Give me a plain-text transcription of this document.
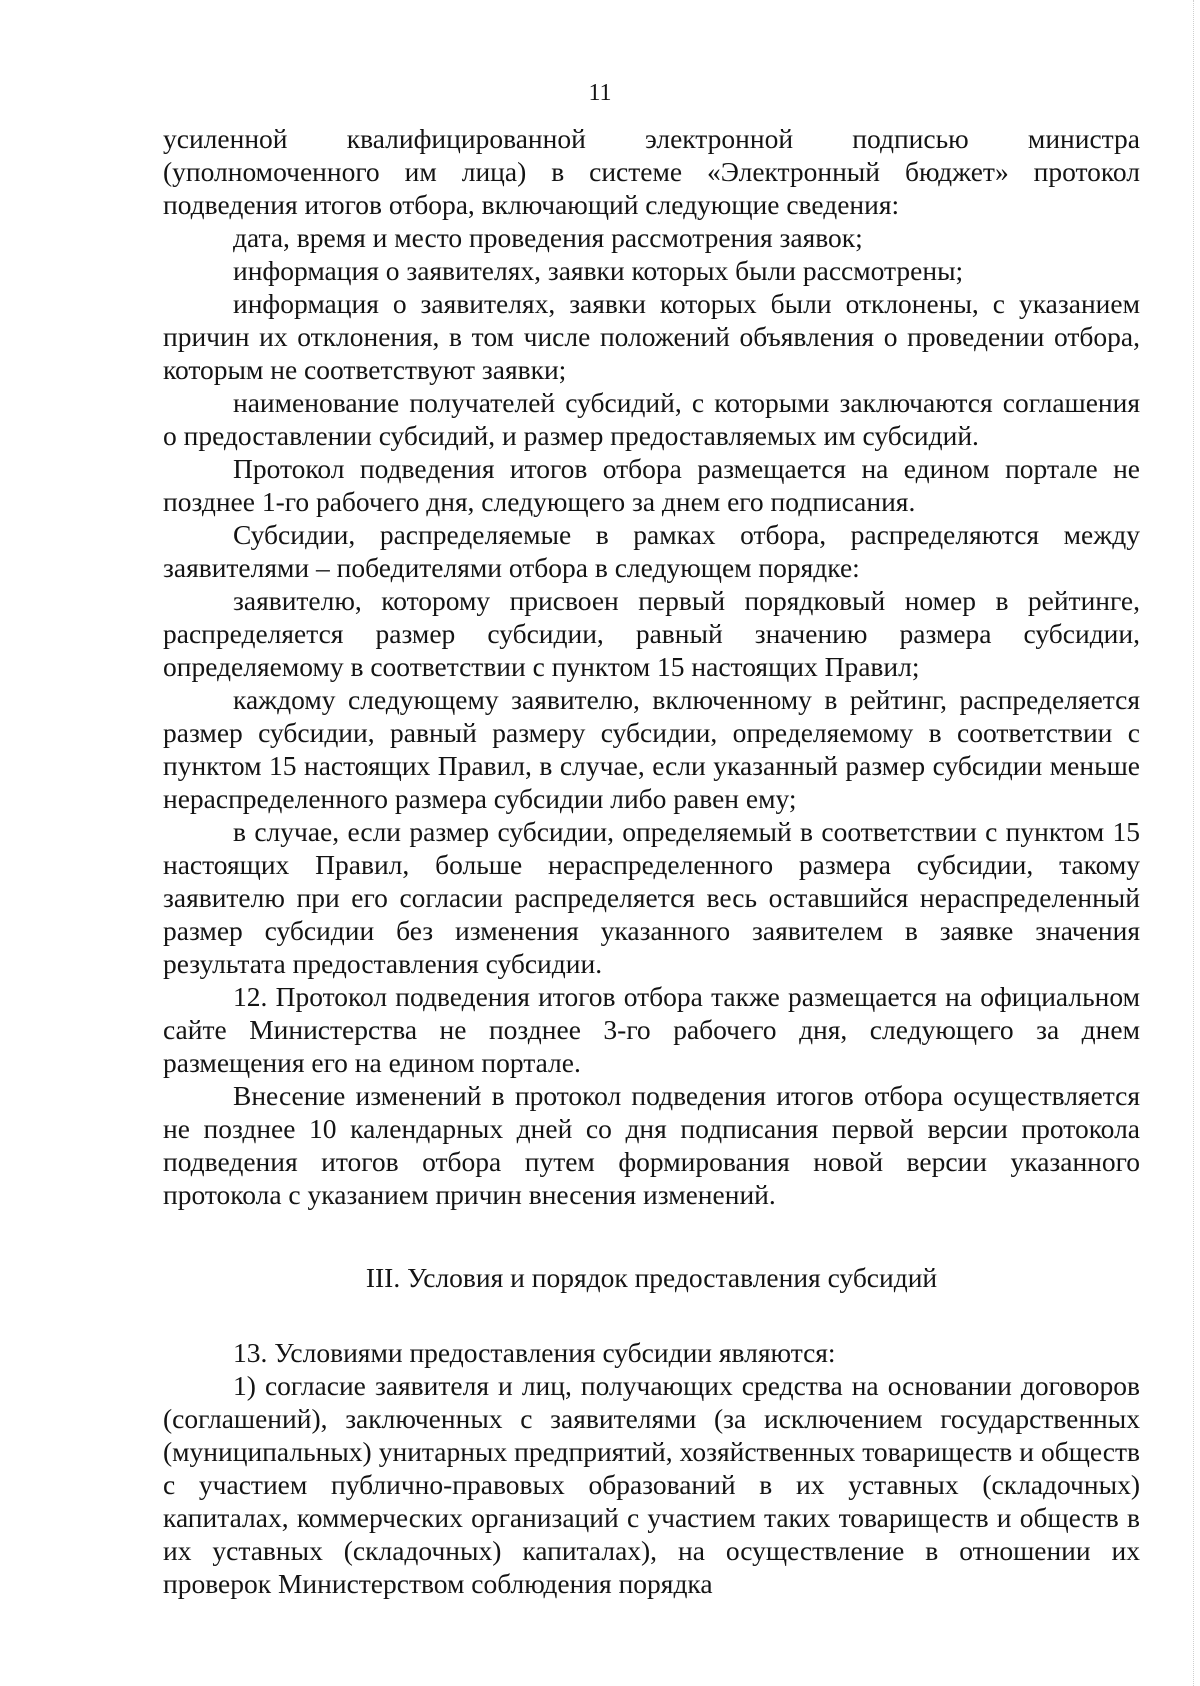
11

усиленной квалифицированной электронной подписью министра (уполномоченного им лица) в системе «Электронный бюджет» протокол подведения итогов отбора, включающий следующие сведения:

дата, время и место проведения рассмотрения заявок;

информация о заявителях, заявки которых были рассмотрены;

информация о заявителях, заявки которых были отклонены, с указанием причин их отклонения, в том числе положений объявления о проведении отбора, которым не соответствуют заявки;

наименование получателей субсидий, с которыми заключаются соглашения о предоставлении субсидий, и размер предоставляемых им субсидий.

Протокол подведения итогов отбора размещается на едином портале не позднее 1-го рабочего дня, следующего за днем его подписания.

Субсидии, распределяемые в рамках отбора, распределяются между заявителями – победителями отбора в следующем порядке:

заявителю, которому присвоен первый порядковый номер в рейтинге, распределяется размер субсидии, равный значению размера субсидии, определяемому в соответствии с пунктом 15 настоящих Правил;

каждому следующему заявителю, включенному в рейтинг, распределяется размер субсидии, равный размеру субсидии, определяемому в соответствии с пунктом 15 настоящих Правил, в случае, если указанный размер субсидии меньше нераспределенного размера субсидии либо равен ему;

в случае, если размер субсидии, определяемый в соответствии с пунктом 15 настоящих Правил, больше нераспределенного размера субсидии, такому заявителю при его согласии распределяется весь оставшийся нераспределенный размер субсидии без изменения указанного заявителем в заявке значения результата предоставления субсидии.

12. Протокол подведения итогов отбора также размещается на официальном сайте Министерства не позднее 3-го рабочего дня, следующего за днем размещения его на едином портале.

Внесение изменений в протокол подведения итогов отбора осуществляется не позднее 10 календарных дней со дня подписания первой версии протокола подведения итогов отбора путем формирования новой версии указанного протокола с указанием причин внесения изменений.

III. Условия и порядок предоставления субсидий

13. Условиями предоставления субсидии являются:

1) согласие заявителя и лиц, получающих средства на основании договоров (соглашений), заключенных с заявителями (за исключением государственных (муниципальных) унитарных предприятий, хозяйственных товариществ и обществ с участием публично-правовых образований в их уставных (складочных) капиталах, коммерческих организаций с участием таких товариществ и обществ в их уставных (складочных) капиталах), на осуществление в отношении их проверок Министерством соблюдения порядка
